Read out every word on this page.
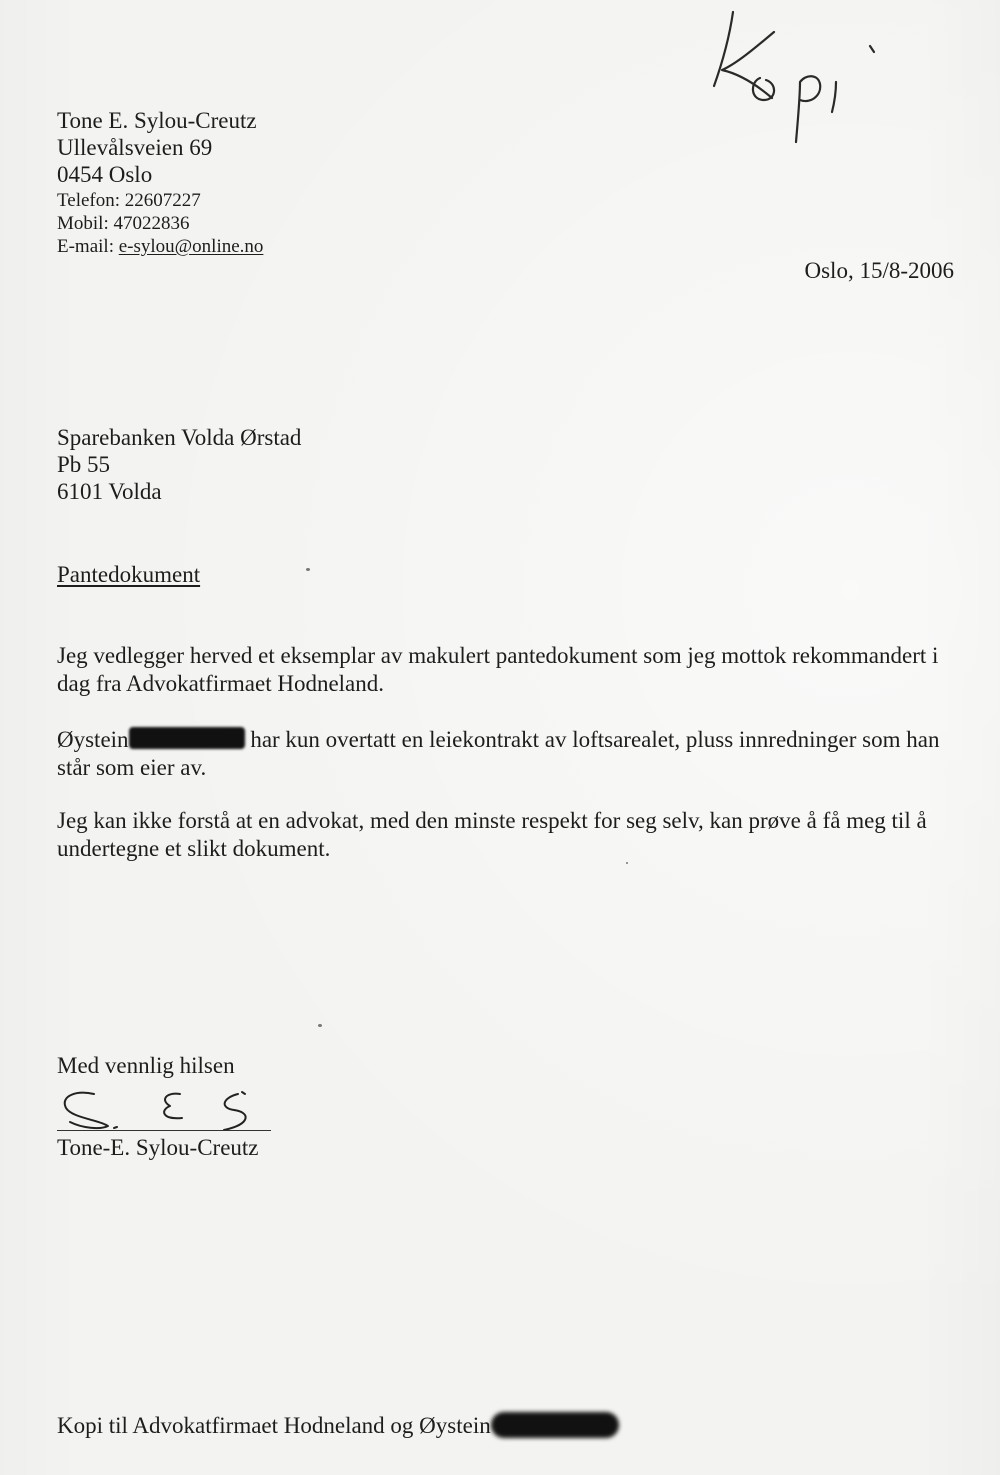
Tone E. Sylou-Creutz

Ullevålsveien 69

0454 Oslo

Telefon: 22607227

Mobil: 47022836

E-mail: e-sylou@online.no

Oslo, 15/8-2006

Sparebanken Volda Ørstad

Pb 55

6101 Volda

Pantedokument

Jeg vedlegger herved et eksemplar av makulert pantedokument som jeg mottok rekommandert i dag fra Advokatfirmaet Hodneland.

Øystein	har kun overtatt en leiekontrakt av loftsarealet, pluss innredninger som han står som eier av.

Jeg kan ikke forstå at en advokat, med den minste respekt for seg selv, kan prøve å få meg til å undertegne et slikt dokument.

Med vennlig hilsen

Tone-E. Sylou-Creutz

Kopi til Advokatfirmaet Hodneland og Øystein
